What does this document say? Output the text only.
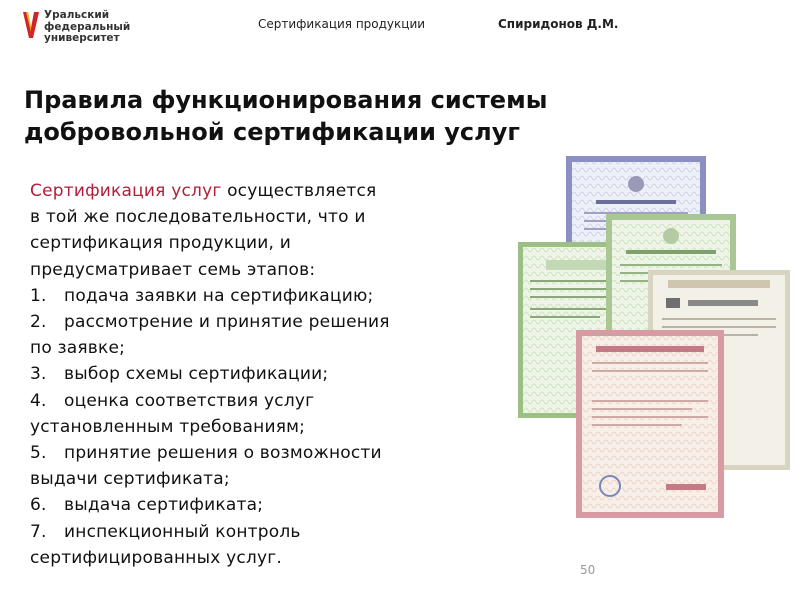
Уральский
федеральный
университет
Сертификация продукции	Спиридонов Д.М.
Правила функционирования системы
добровольной сертификации услуг
Сертификация услуг осуществляется
в той же последовательности, что и
сертификация продукции, и
предусматривает семь этапов:
1. подача заявки на сертификацию;
2. рассмотрение и принятие решения
по заявке;
3. выбор схемы сертификации;
4. оценка соответствия услуг
установленным требованиям;
5. принятие решения о возможности
выдачи сертификата;
6. выдача сертификата;
7. инспекционный контроль
сертифицированных услуг.
50
